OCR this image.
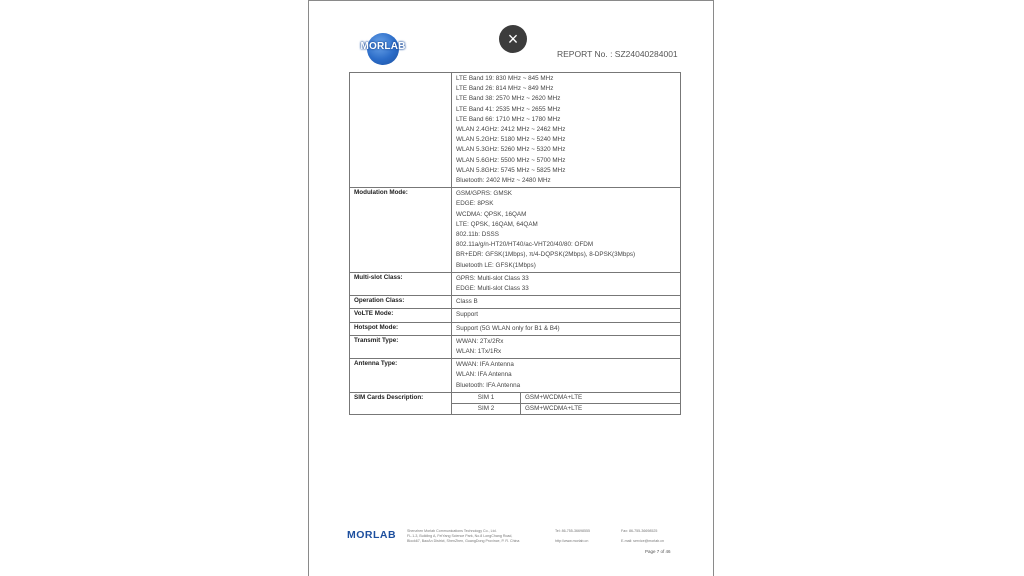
MORLAB	×
REPORT No. : SZ24040284001

LTE Band 19: 830 MHz ~ 845 MHz
LTE Band 26: 814 MHz ~ 849 MHz
LTE Band 38: 2570 MHz ~ 2620 MHz
LTE Band 41: 2535 MHz ~ 2655 MHz
LTE Band 66: 1710 MHz ~ 1780 MHz
WLAN 2.4GHz: 2412 MHz ~ 2462 MHz
WLAN 5.2GHz: 5180 MHz ~ 5240 MHz
WLAN 5.3GHz: 5260 MHz ~ 5320 MHz
WLAN 5.6GHz: 5500 MHz ~ 5700 MHz
WLAN 5.8GHz: 5745 MHz ~ 5825 MHz
Bluetooth: 2402 MHz ~ 2480 MHz

Modulation Mode:	GSM/GPRS: GMSK
EDGE: 8PSK
WCDMA: QPSK, 16QAM
LTE: QPSK, 16QAM, 64QAM
802.11b: DSSS
802.11a/g/n-HT20/HT40/ac-VHT20/40/80: OFDM
BR+EDR: GFSK(1Mbps), π/4-DQPSK(2Mbps), 8-DPSK(3Mbps)
Bluetooth LE: GFSK(1Mbps)

Multi-slot Class:	GPRS: Multi-slot Class 33
EDGE: Multi-slot Class 33

Operation Class:	Class B

VoLTE Mode:	Support

Hotspot Mode:	Support (5G WLAN only for B1 & B4)

Transmit Type:	WWAN: 2Tx/2Rx
WLAN: 1Tx/1Rx

Antenna Type:	WWAN: IFA Antenna
WLAN: IFA Antenna
Bluetooth: IFA Antenna

SIM Cards Description:		SIM 1	GSM+WCDMA+LTE
SIM 2	GSM+WCDMA+LTE
MORLAB	Shenzhen Morlab Communications Technology Co., Ltd.
FL.1-3, Building A, FeiYang Science Park, No.8 LongChang Road,
Block67, BaoAn District, ShenZhen, GuangDong Province, P. R. China
Tel: 86-755-36698555
http://www.morlab.cn
Fax: 86-755-36698525
E-mail: service@morlab.cn
Page 7 of 46
